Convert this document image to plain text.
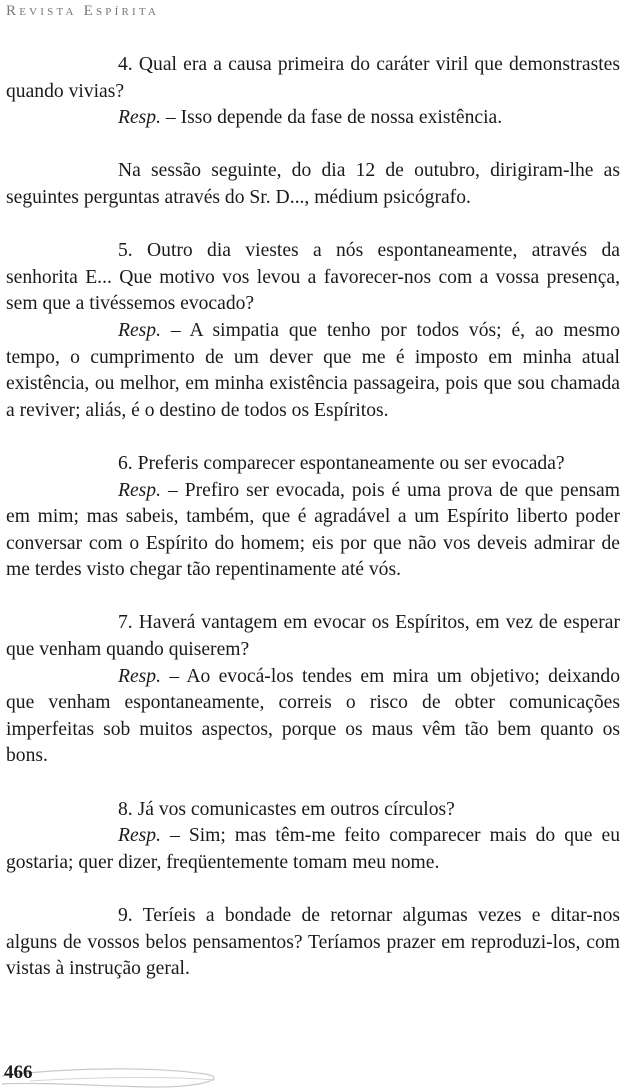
Revista Espírita

4. Qual era a causa primeira do caráter viril que demonstrastes quando vivias?

Resp. – Isso depende da fase de nossa existência.

Na sessão seguinte, do dia 12 de outubro, dirigiram-lhe as seguintes perguntas através do Sr. D..., médium psicógrafo.

5. Outro dia viestes a nós espontaneamente, através da senhorita E... Que motivo vos levou a favorecer-nos com a vossa presença, sem que a tivéssemos evocado?

Resp. – A simpatia que tenho por todos vós; é, ao mesmo tempo, o cumprimento de um dever que me é imposto em minha atual existência, ou melhor, em minha existência passageira, pois que sou chamada a reviver; aliás, é o destino de todos os Espíritos.

6. Preferis comparecer espontaneamente ou ser evocada?

Resp. – Prefiro ser evocada, pois é uma prova de que pensam em mim; mas sabeis, também, que é agradável a um Espírito liberto poder conversar com o Espírito do homem; eis por que não vos deveis admirar de me terdes visto chegar tão repentinamente até vós.

7. Haverá vantagem em evocar os Espíritos, em vez de esperar que venham quando quiserem?

Resp. – Ao evocá-los tendes em mira um objetivo; deixando que venham espontaneamente, correis o risco de obter comunicações imperfeitas sob muitos aspectos, porque os maus vêm tão bem quanto os bons.

8. Já vos comunicastes em outros círculos?

Resp. – Sim; mas têm-me feito comparecer mais do que eu gostaria; quer dizer, freqüentemente tomam meu nome.

9. Teríeis a bondade de retornar algumas vezes e ditar-nos alguns de vossos belos pensamentos? Teríamos prazer em reproduzi-los, com vistas à instrução geral.

466
